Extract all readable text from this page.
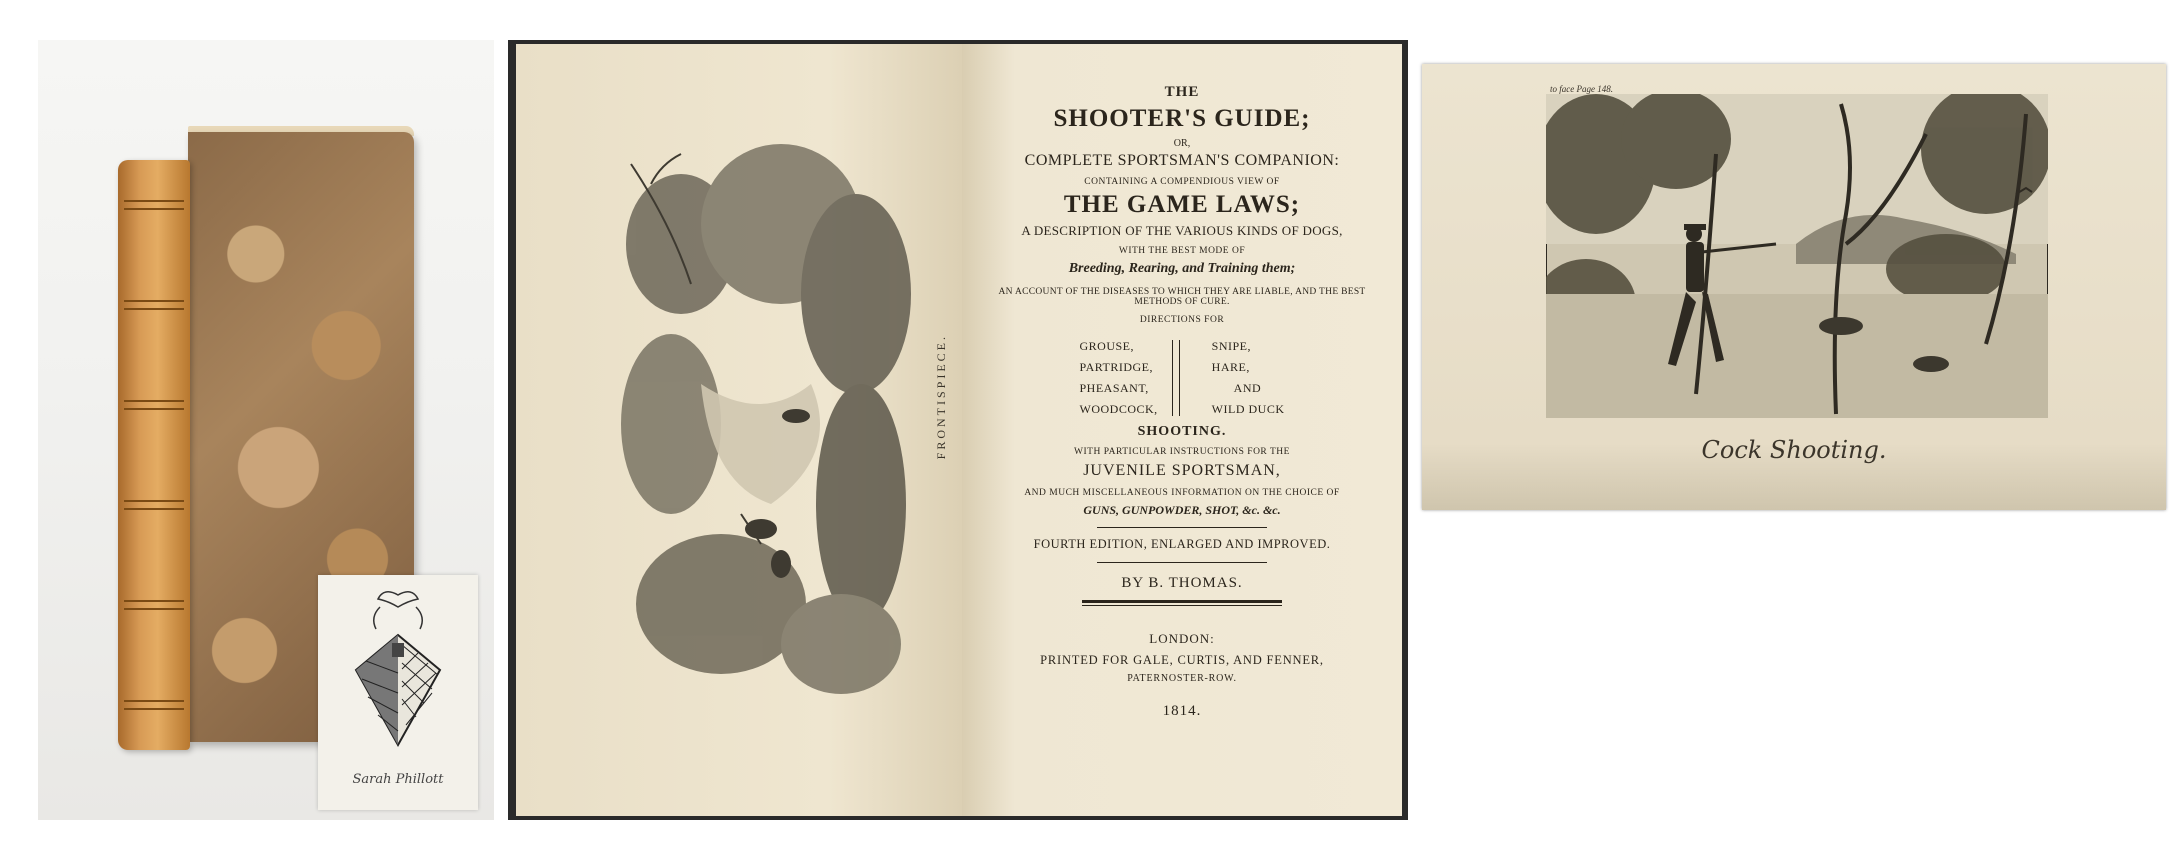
Sarah Phillott
FRONTISPIECE.

THE

SHOOTER'S GUIDE;

OR,

COMPLETE SPORTSMAN'S COMPANION:

CONTAINING A COMPENDIOUS VIEW OF

THE GAME LAWS;

A DESCRIPTION OF THE VARIOUS KINDS OF DOGS,

WITH THE BEST MODE OF

Breeding, Rearing, and Training them;

AN ACCOUNT OF THE DISEASES TO WHICH THEY ARE LIABLE, AND THE BEST METHODS OF CURE.

DIRECTIONS FOR

GROUSE,
PARTRIDGE,
PHEASANT,
WOODCOCK,
SNIPE,
HARE,
AND
WILD DUCK

SHOOTING.

WITH PARTICULAR INSTRUCTIONS FOR THE

JUVENILE SPORTSMAN,

AND MUCH MISCELLANEOUS INFORMATION ON THE CHOICE OF

GUNS, GUNPOWDER, SHOT, &c. &c.

FOURTH EDITION, ENLARGED AND IMPROVED.

BY B. THOMAS.

LONDON:

PRINTED FOR GALE, CURTIS, AND FENNER,

PATERNOSTER-ROW.

1814.

to face Page 148.
Cock Shooting.
